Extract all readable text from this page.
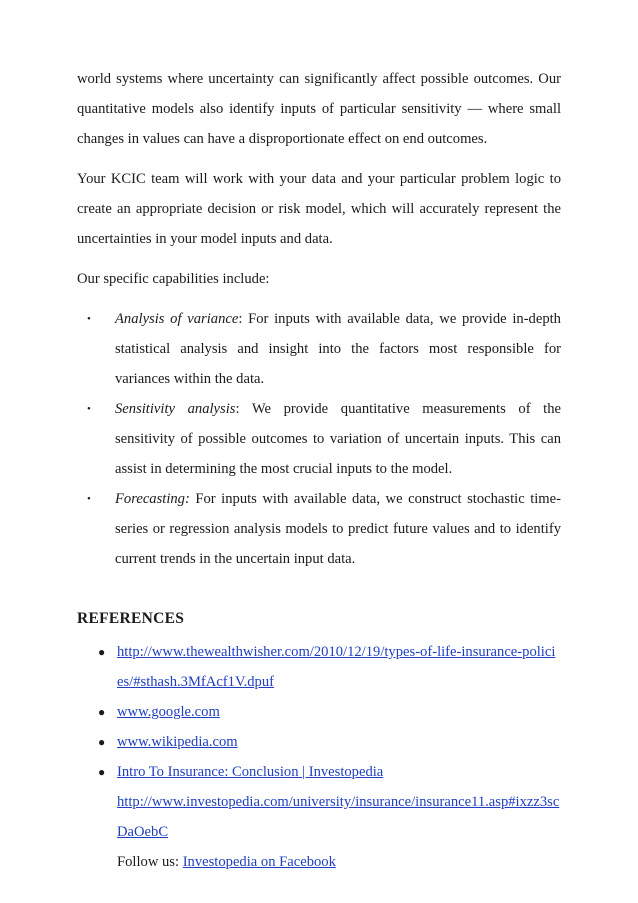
world systems where uncertainty can significantly affect possible outcomes. Our quantitative models also identify inputs of particular sensitivity — where small changes in values can have a disproportionate effect on end outcomes.

Your KCIC team will work with your data and your particular problem logic to create an appropriate decision or risk model, which will accurately represent the uncertainties in your model inputs and data.

Our specific capabilities include:

• Analysis of variance: For inputs with available data, we provide in-depth statistical analysis and insight into the factors most responsible for variances within the data.
• Sensitivity analysis: We provide quantitative measurements of the sensitivity of possible outcomes to variation of uncertain inputs. This can assist in determining the most crucial inputs to the model.
• Forecasting: For inputs with available data, we construct stochastic time-series or regression analysis models to predict future values and to identify current trends in the uncertain input data.
REFERENCES
● http://www.thewealthwisher.com/2010/12/19/types-of-life-insurance-policies/#sthash.3MfAcf1V.dpuf
● www.google.com
● www.wikipedia.com
● Intro To Insurance: Conclusion | Investopedia
http://www.investopedia.com/university/insurance/insurance11.asp#ixzz3scDaOebC
Follow us: Investopedia on Facebook
